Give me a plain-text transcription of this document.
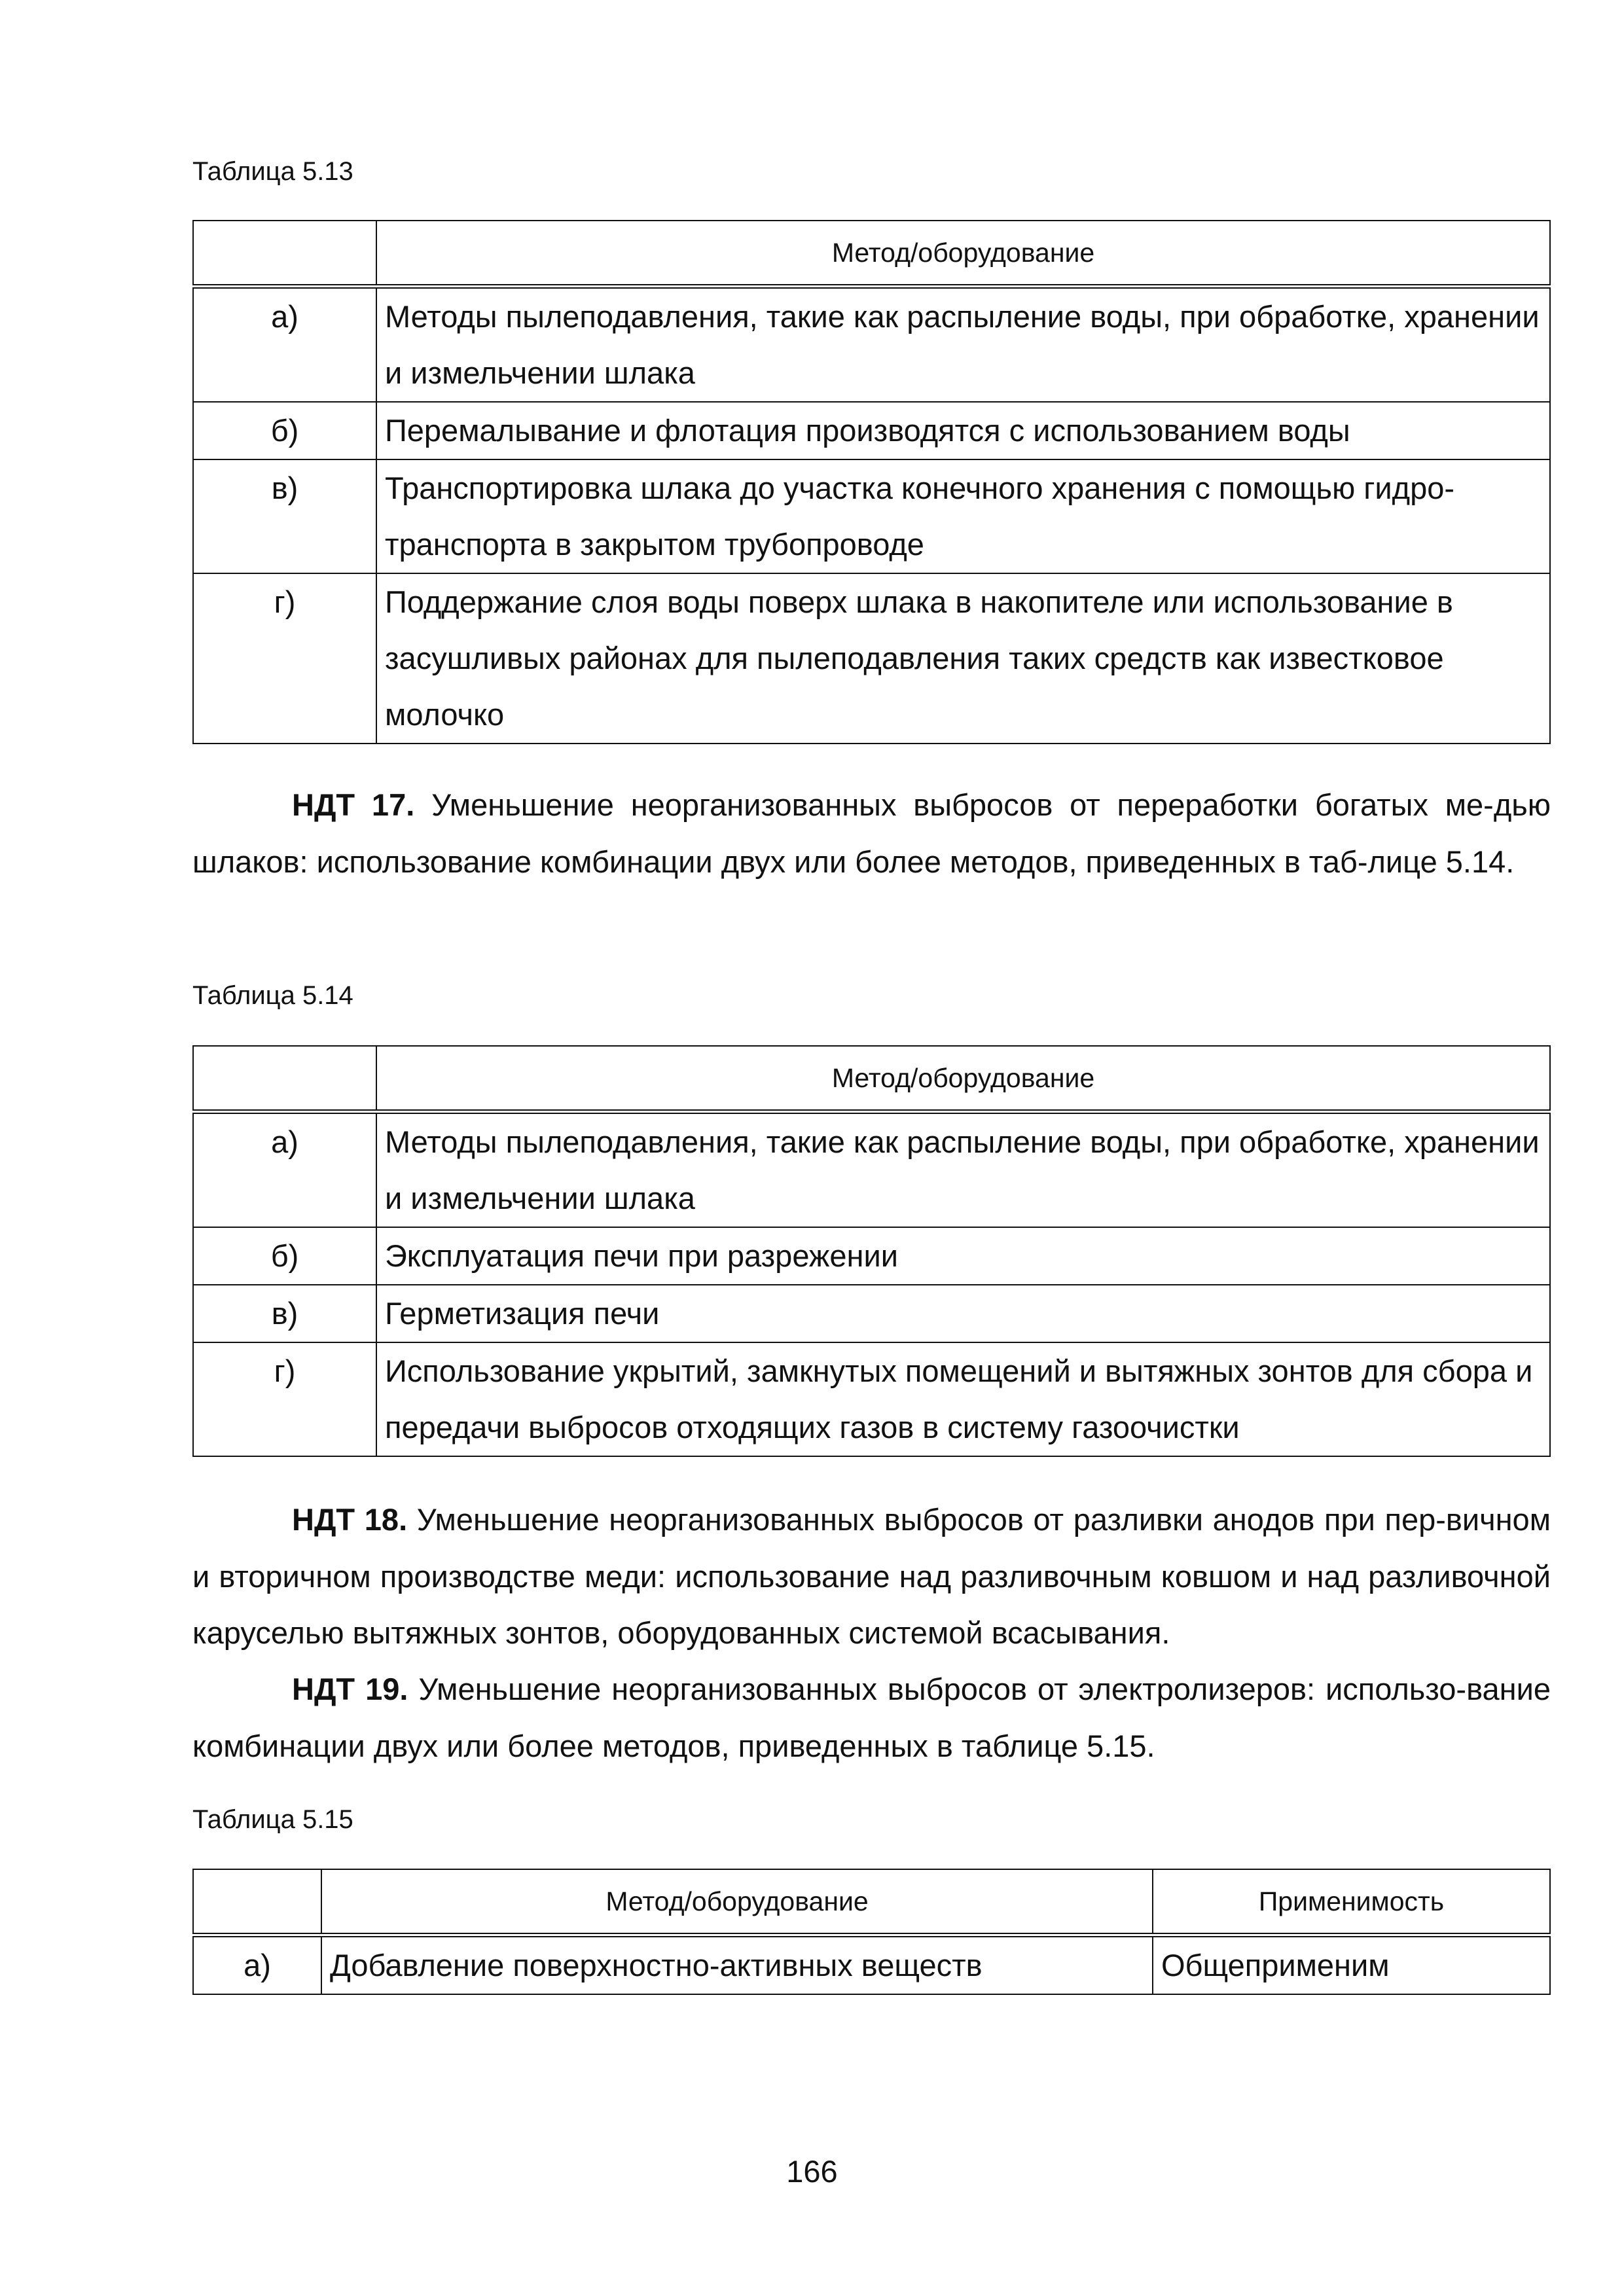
Таблица 5.13
	Метод/оборудование
а)	Методы пылеподавления, такие как распыление воды, при обработке, хранении и измельчении шлака
б)	Перемалывание и флотация производятся с использованием воды
в)	Транспортировка шлака до участка конечного хранения с помощью гидро-транспорта в закрытом трубопроводе
г)	Поддержание слоя воды поверх шлака в накопителе или использование в засушливых районах для пылеподавления таких средств как известковое молочко

НДТ 17. Уменьшение неорганизованных выбросов от переработки богатых ме-дью шлаков: использование комбинации двух или более методов, приведенных в таб-лице 5.14.

Таблица 5.14
	Метод/оборудование
а)	Методы пылеподавления, такие как распыление воды, при обработке, хранении и измельчении шлака
б)	Эксплуатация печи при разрежении
в)	Герметизация печи
г)	Использование укрытий, замкнутых помещений и вытяжных зонтов для сбора и передачи выбросов отходящих газов в систему газоочистки

НДТ 18. Уменьшение неорганизованных выбросов от разливки анодов при пер-вичном и вторичном производстве меди: использование над разливочным ковшом и над разливочной каруселью вытяжных зонтов, оборудованных системой всасывания.

НДТ 19. Уменьшение неорганизованных выбросов от электролизеров: использо-вание комбинации двух или более методов, приведенных в таблице 5.15.

Таблица 5.15
	Метод/оборудование	Применимость
а)	Добавление поверхностно-активных веществ	Общеприменим
166
